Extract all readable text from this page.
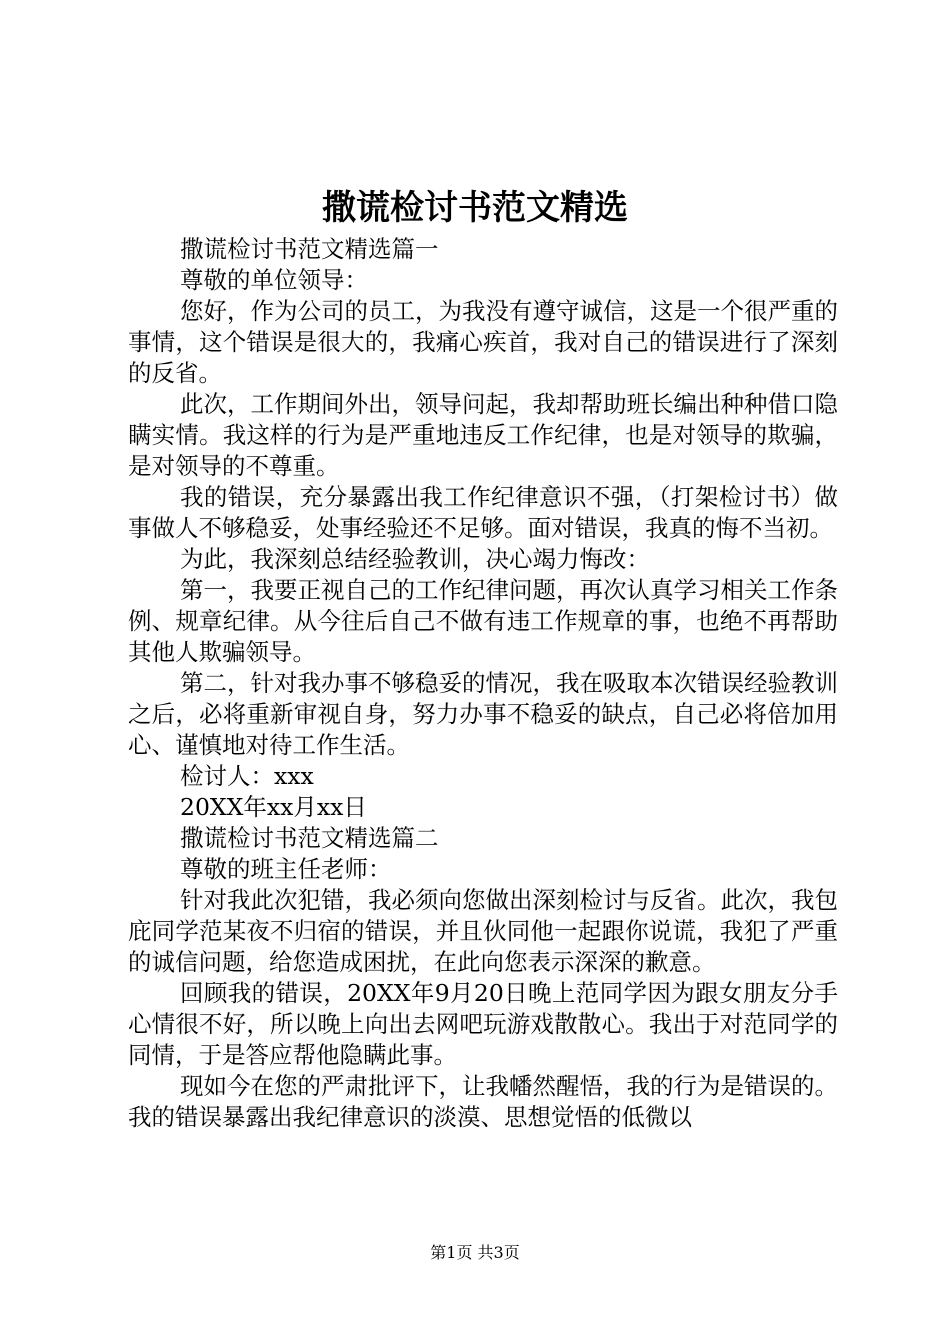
撒谎检讨书范文精选

撒谎检讨书范文精选篇一

尊敬的单位领导：

您好，作为公司的员工，为我没有遵守诚信，这是一个很严重的事情，这个错误是很大的，我痛心疾首，我对自己的错误进行了深刻的反省。

此次，工作期间外出，领导问起，我却帮助班长编出种种借口隐瞒实情。我这样的行为是严重地违反工作纪律，也是对领导的欺骗，是对领导的不尊重。

我的错误，充分暴露出我工作纪律意识不强，（打架检讨书）做事做人不够稳妥，处事经验还不足够。面对错误，我真的悔不当初。

为此，我深刻总结经验教训，决心竭力悔改：

第一，我要正视自己的工作纪律问题，再次认真学习相关工作条例、规章纪律。从今往后自己不做有违工作规章的事，也绝不再帮助其他人欺骗领导。

第二，针对我办事不够稳妥的情况，我在吸取本次错误经验教训之后，必将重新审视自身，努力办事不稳妥的缺点，自己必将倍加用心、谨慎地对待工作生活。

检讨人：xxx

20XX年xx月xx日

撒谎检讨书范文精选篇二

尊敬的班主任老师：

针对我此次犯错，我必须向您做出深刻检讨与反省。此次，我包庇同学范某夜不归宿的错误，并且伙同他一起跟你说谎，我犯了严重的诚信问题，给您造成困扰，在此向您表示深深的歉意。

回顾我的错误，20XX年9月20日晚上范同学因为跟女朋友分手心情很不好，所以晚上向出去网吧玩游戏散散心。我出于对范同学的同情，于是答应帮他隐瞒此事。

现如今在您的严肃批评下，让我幡然醒悟，我的行为是错误的。我的错误暴露出我纪律意识的淡漠、思想觉悟的低微以

第1页 共3页
